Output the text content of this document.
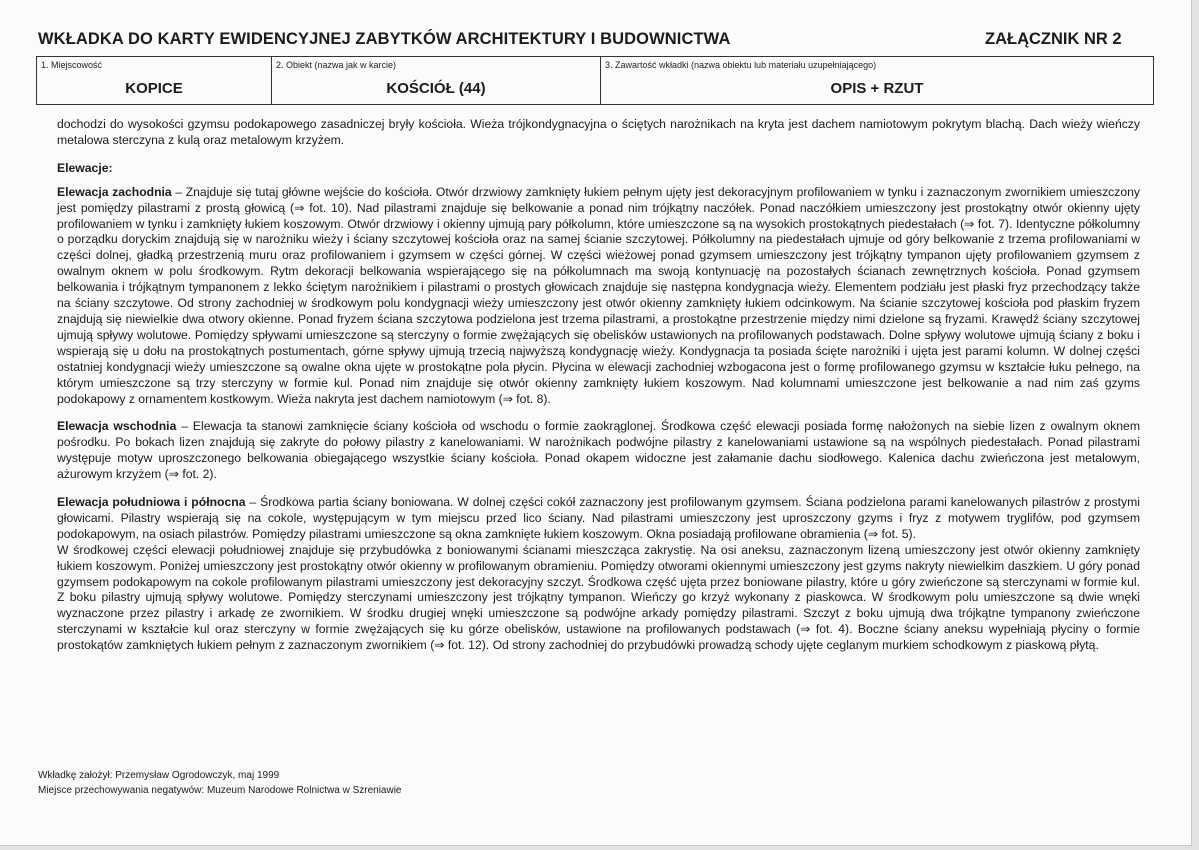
WKŁADKA DO KARTY EWIDENCYJNEJ ZABYTKÓW ARCHITEKTURY I BUDOWNICTWA	ZAŁĄCZNIK NR 2
1. Miejscowość
KOPICE
2. Obiekt (nazwa jak w karcie)
KOŚCIÓŁ (44)
3. Zawartość wkładki (nazwa obiektu lub materiału uzupełniającego)
OPIS + RZUT

dochodzi do wysokości gzymsu podokapowego zasadniczej bryły kościoła. Wieża trójkondygnacyjna o ściętych narożnikach na kryta jest dachem namiotowym pokrytym blachą. Dach wieży wieńczy metalowa sterczyna z kulą oraz metalowym krzyżem.

Elewacje:

Elewacja zachodnia – Znajduje się tutaj główne wejście do kościoła. Otwór drzwiowy zamknięty łukiem pełnym ujęty jest dekoracyjnym profilowaniem w tynku i zaznaczonym zwornikiem umieszczony jest pomiędzy pilastrami z prostą głowicą (⇒ fot. 10). Nad pilastrami znajduje się belkowanie a ponad nim trójkątny naczółek. Ponad naczółkiem umieszczony jest prostokątny otwór okienny ujęty profilowaniem w tynku i zamknięty łukiem koszowym. Otwór drzwiowy i okienny ujmują pary półkolumn, które umieszczone są na wysokich prostokątnych piedestałach (⇒ fot. 7). Identyczne półkolumny o porządku doryckim znajdują się w narożniku wieży i ściany szczytowej kościoła oraz na samej ścianie szczytowej. Półkolumny na piedestałach ujmuje od góry belkowanie z trzema profilowaniami w części dolnej, gładką przestrzenią muru oraz profilowaniem i gzymsem w części górnej. W części wieżowej ponad gzymsem umieszczony jest trójkątny tympanon ujęty profilowaniem gzymsem z owalnym oknem w polu środkowym. Rytm dekoracji belkowania wspierającego się na półkolumnach ma swoją kontynuację na pozostałych ścianach zewnętrznych kościoła. Ponad gzymsem belkowania i trójkątnym tympanonem z lekko ściętym narożnikiem i pilastrami o prostych głowicach znajduje się następna kondygnacja wieży. Elementem podziału jest płaski fryz przechodzący także na ściany szczytowe. Od strony zachodniej w środkowym polu kondygnacji wieży umieszczony jest otwór okienny zamknięty łukiem odcinkowym. Na ścianie szczytowej kościoła pod płaskim fryzem znajdują się niewielkie dwa otwory okienne. Ponad fryzem ściana szczytowa podzielona jest trzema pilastrami, a prostokątne przestrzenie między nimi dzielone są fryzami. Krawędź ściany szczytowej ujmują spływy wolutowe. Pomiędzy spływami umieszczone są sterczyny o formie zwężających się obelisków ustawionych na profilowanych podstawach. Dolne spływy wolutowe ujmują ściany z boku i wspierają się u dołu na prostokątnych postumentach, górne spływy ujmują trzecią najwyższą kondygnację wieży. Kondygnacja ta posiada ścięte narożniki i ujęta jest parami kolumn. W dolnej części ostatniej kondygnacji wieży umieszczone są owalne okna ujęte w prostokątne pola płycin. Płycina w elewacji zachodniej wzbogacona jest o formę profilowanego gzymsu w kształcie łuku pełnego, na którym umieszczone są trzy sterczyny w formie kul. Ponad nim znajduje się otwór okienny zamknięty łukiem koszowym. Nad kolumnami umieszczone jest belkowanie a nad nim zaś gzyms podokapowy z ornamentem kostkowym. Wieża nakryta jest dachem namiotowym (⇒ fot. 8).

Elewacja wschodnia – Elewacja ta stanowi zamknięcie ściany kościoła od wschodu o formie zaokrąglonej. Środkowa część elewacji posiada formę nałożonych na siebie lizen z owalnym oknem pośrodku. Po bokach lizen znajdują się zakryte do połowy pilastry z kanelowaniami. W narożnikach podwójne pilastry z kanelowaniami ustawione są na wspólnych piedestałach. Ponad pilastrami występuje motyw uproszczonego belkowania obiegającego wszystkie ściany kościoła. Ponad okapem widoczne jest załamanie dachu siodłowego. Kalenica dachu zwieńczona jest metalowym, ażurowym krzyżem (⇒ fot. 2).

Elewacja południowa i północna – Środkowa partia ściany boniowana. W dolnej części cokół zaznaczony jest profilowanym gzymsem. Ściana podzielona parami kanelowanych pilastrów z prostymi głowicami. Pilastry wspierają się na cokole, występującym w tym miejscu przed lico ściany. Nad pilastrami umieszczony jest uproszczony gzyms i fryz z motywem tryglifów, pod gzymsem podokapowym, na osiach pilastrów. Pomiędzy pilastrami umieszczone są okna zamknięte łukiem koszowym. Okna posiadają profilowane obramienia (⇒ fot. 5).

W środkowej części elewacji południowej znajduje się przybudówka z boniowanymi ścianami mieszcząca zakrystię. Na osi aneksu, zaznaczonym lizeną umieszczony jest otwór okienny zamknięty łukiem koszowym. Poniżej umieszczony jest prostokątny otwór okienny w profilowanym obramieniu. Pomiędzy otworami okiennymi umieszczony jest gzyms nakryty niewielkim daszkiem. U góry ponad gzymsem podokapowym na cokole profilowanym pilastrami umieszczony jest dekoracyjny szczyt. Środkowa część ujęta przez boniowane pilastry, które u góry zwieńczone są sterczynami w formie kul. Z boku pilastry ujmują spływy wolutowe. Pomiędzy sterczynami umieszczony jest trójkątny tympanon. Wieńczy go krzyż wykonany z piaskowca. W środkowym polu umieszczone są dwie wnęki wyznaczone przez pilastry i arkadę ze zwornikiem. W środku drugiej wnęki umieszczone są podwójne arkady pomiędzy pilastrami. Szczyt z boku ujmują dwa trójkątne tympanony zwieńczone sterczynami w kształcie kul oraz sterczyny w formie zwężających się ku górze obelisków, ustawione na profilowanych podstawach (⇒ fot. 4). Boczne ściany aneksu wypełniają płyciny o formie prostokątów zamkniętych łukiem pełnym z zaznaczonym zwornikiem (⇒ fot. 12). Od strony zachodniej do przybudówki prowadzą schody ujęte ceglanym murkiem schodkowym z piaskową płytą.

Wkładkę założył: Przemysław Ogrodowczyk, maj 1999
Miejsce przechowywania negatywów: Muzeum Narodowe Rolnictwa w Szreniawie
